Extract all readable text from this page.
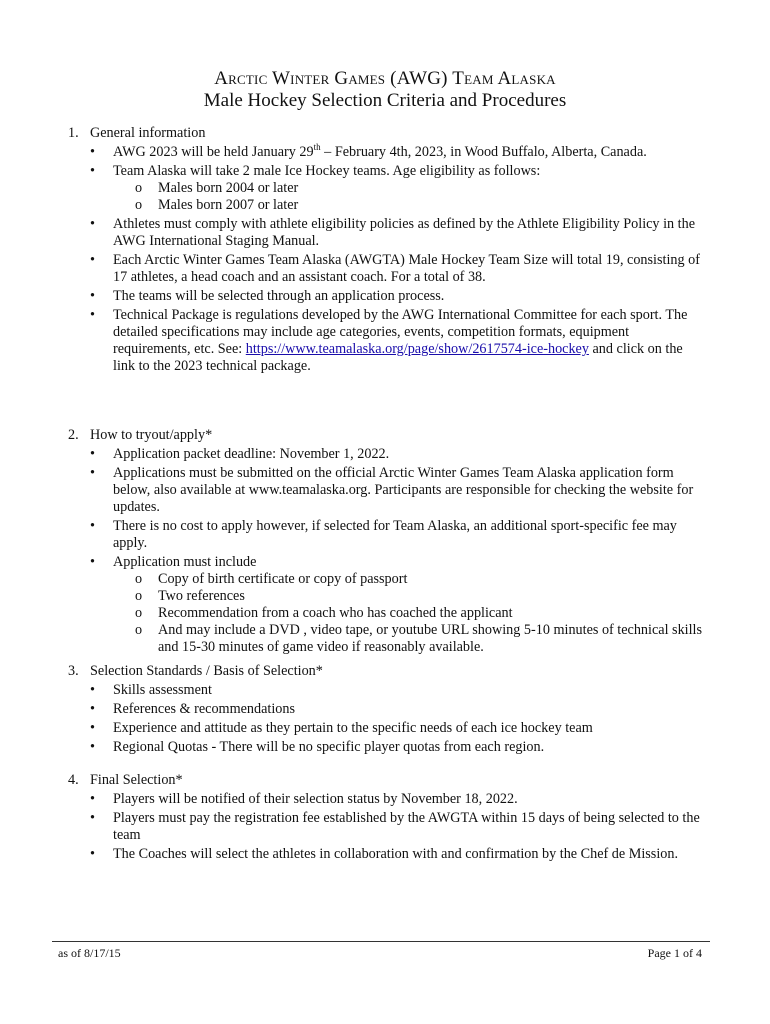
Arctic Winter Games (AWG) Team Alaska
Male Hockey Selection Criteria and Procedures
1. General information
• AWG 2023 will be held January 29th – February 4th, 2023, in Wood Buffalo, Alberta, Canada.
• Team Alaska will take 2 male Ice Hockey teams. Age eligibility as follows:
o Males born 2004 or later
o Males born 2007 or later
• Athletes must comply with athlete eligibility policies as defined by the Athlete Eligibility Policy in the AWG International Staging Manual.
• Each Arctic Winter Games Team Alaska (AWGTA) Male Hockey Team Size will total 19, consisting of 17 athletes, a head coach and an assistant coach. For a total of 38.
• The teams will be selected through an application process.
• Technical Package is regulations developed by the AWG International Committee for each sport. The detailed specifications may include age categories, events, competition formats, equipment requirements, etc. See: https://www.teamalaska.org/page/show/2617574-ice-hockey and click on the link to the 2023 technical package.
2. How to tryout/apply*
• Application packet deadline: November 1, 2022.
• Applications must be submitted on the official Arctic Winter Games Team Alaska application form below, also available at www.teamalaska.org. Participants are responsible for checking the website for updates.
• There is no cost to apply however, if selected for Team Alaska, an additional sport-specific fee may apply.
• Application must include
o Copy of birth certificate or copy of passport
o Two references
o Recommendation from a coach who has coached the applicant
o And may include a DVD , video tape, or youtube URL showing 5-10 minutes of technical skills and 15-30 minutes of game video if reasonably available.
3. Selection Standards / Basis of Selection*
• Skills assessment
• References & recommendations
• Experience and attitude as they pertain to the specific needs of each ice hockey team
• Regional Quotas - There will be no specific player quotas from each region.
4. Final Selection*
• Players will be notified of their selection status by November 18, 2022.
• Players must pay the registration fee established by the AWGTA within 15 days of being selected to the team
• The Coaches will select the athletes in collaboration with and confirmation by the Chef de Mission.
as of 8/17/15	Page 1 of 4
